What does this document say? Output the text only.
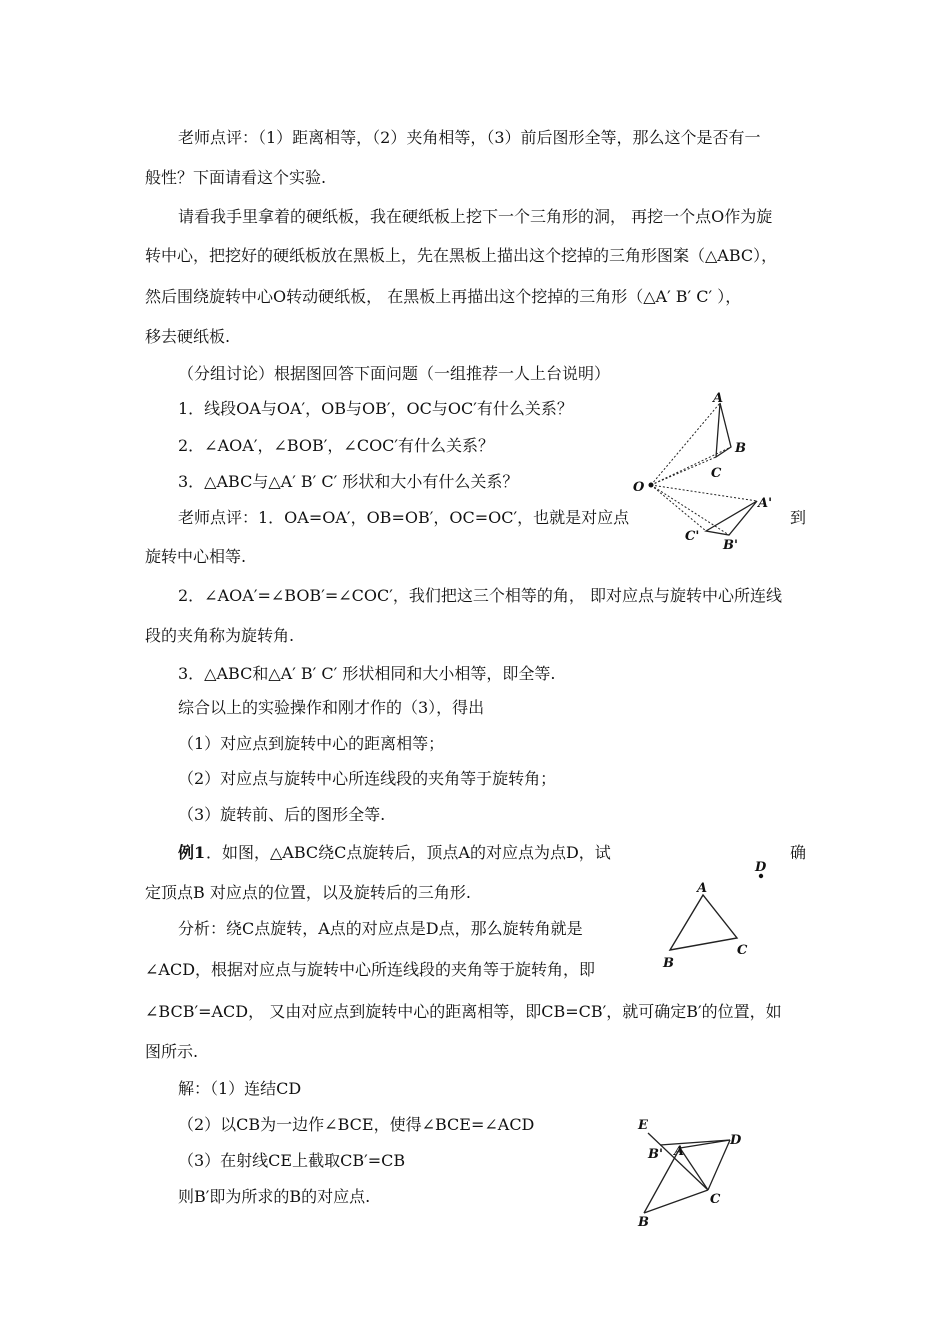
老师点评：（1）距离相等，（2）夹角相等，（3）前后图形全等，那么这个是否有一
般性？下面请看这个实验.
请看我手里拿着的硬纸板，我在硬纸板上挖下一个三角形的洞， 再挖一个点O作为旋
转中心，把挖好的硬纸板放在黑板上，先在黑板上描出这个挖掉的三角形图案（△ABC），
然后围绕旋转中心O转动硬纸板， 在黑板上再描出这个挖掉的三角形（△A′ B′ C′ ），
移去硬纸板.
（分组讨论）根据图回答下面问题（一组推荐一人上台说明）
1．线段OA与OA′，OB与OB′，OC与OC′有什么关系？
2．∠AOA′，∠BOB′，∠COC′有什么关系？
3．△ABC与△A′ B′ C′ 形状和大小有什么关系？
老师点评：1．OA=OA′，OB=OB′，OC=OC′，也就是对应点	到
旋转中心相等.
2．∠AOA′=∠BOB′=∠COC′，我们把这三个相等的角， 即对应点与旋转中心所连线
段的夹角称为旋转角.
3．△ABC和△A′ B′ C′ 形状相同和大小相等，即全等.
综合以上的实验操作和刚才作的（3），得出
（1）对应点到旋转中心的距离相等；
（2）对应点与旋转中心所连线段的夹角等于旋转角；
（3）旋转前、后的图形全等.
例1 ．如图，△ABC绕C点旋转后，顶点A的对应点为点D，试	确
定顶点B 对应点的位置，以及旋转后的三角形.
分析：绕C点旋转，A点的对应点是D点，那么旋转角就是
∠ACD，根据对应点与旋转中心所连线段的夹角等于旋转角，即
∠BCB′=ACD， 又由对应点到旋转中心的距离相等，即CB=CB′，就可确定B′的位置，如
图所示.
解：（1）连结CD
（2）以CB为一边作∠BCE，使得∠BCE=∠ACD
（3）在射线CE上截取CB′=CB
则B′即为所求的B的对应点.
A
B
C
O
A'
C'
B'
D
A
B
C
E
D
B' A
C
B
